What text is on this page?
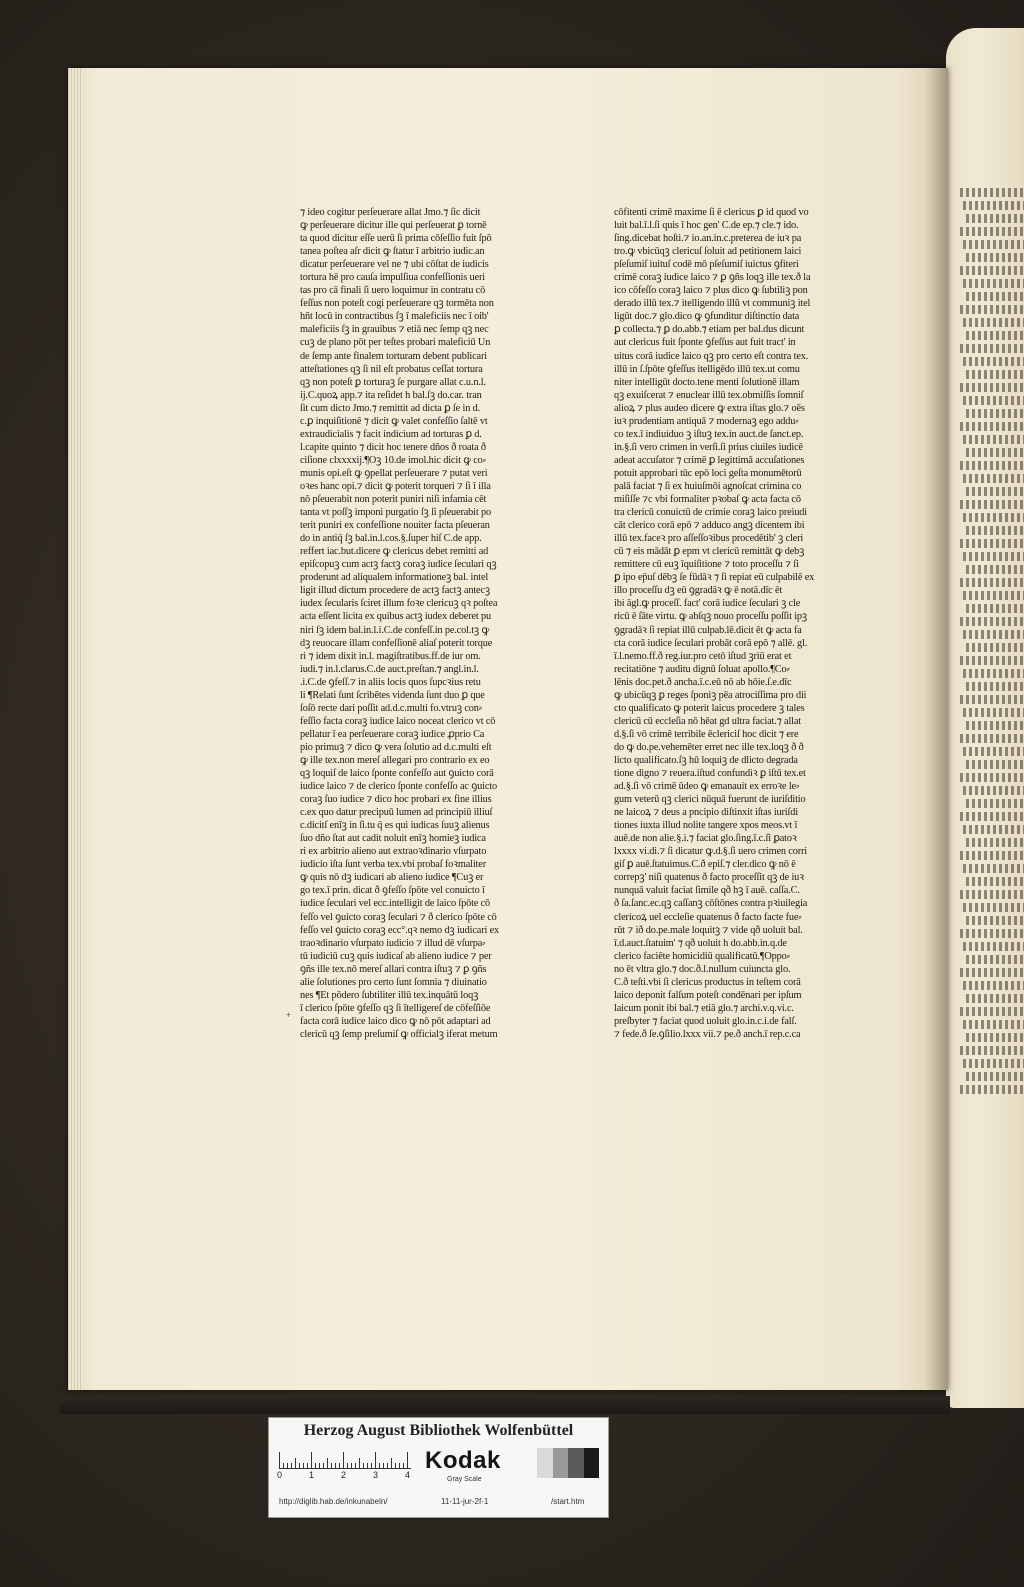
⁊ ideo cogitur perſeuerare allat Jmo.⁊ ſic dicit
ꝙ perſeuerare dicitur ille qui perſeuerat ꝑ tornē
ta quod dicitur eſſe uerū ſi prima cōſeſſio fuit ſpō
tanea poſtea aſr dicit ꝙ ſtatur ī arbitrio iudic.an
dicatur perſeuerare vel ne ⁊ ubi cōſtat de iudicis
tortura hē pro cauſa impulſiua confeſſionis ueri
tas pro cā finali ſi uero loquimur in contratu cō
feſſus non poteſt cogi perſeuerare qꝫ tormēta non
hñt locū in contractibus ſꝫ ī maleficiis nec ī oib'
maleficiis ſꝫ in grauibus ⁊ etiā nec ſemp qꝫ nec
cuꝫ de plano pōt per teſtes probari maleficiū Un
de ſemp ante finalem torturam debent publicari
atteſtationes qꝫ ſi nil eſt probatus ceſſat tortura
qꝫ non poteſt ꝑ torturaꝫ ſe purgare allat c.u.n.l.
ij.C.quoꝝ app.⁊ ita reſidet h bal.ſꝫ do.car. tran
ſit cum dicto Jmo.⁊ remittit ad dicta ꝑ ſe in d.
c.ꝑ inquiſitionē ⁊ dicit ꝙ valet confeſſio ſaltē vt
extraudicialis ⁊ facit indicium ad torturas ꝑ d.
l.capite quinto ⁊ dicit hoc tenere dños ð roata ð
ciſione clxxxxij.¶Oꝫ 10.de imol.hic dicit ꝙ co⸗
munis opi.eſt ꝙ ꝯpellat perſeuerare ⁊ putat veri
oꝛes hanc opi.⁊ dicit ꝙ poterit torqueri ⁊ ſi ī illa
nō pſeuerabit non poterit puniri niſi infamia cēt
tanta vt poſſꝫ imponi purgatio ſꝫ ſi pſeuerabit po
terit puniri ex confeſſione nouiter facta pſeueran
do in antiq̄ ſꝫ bal.in.l.cos.§.ſuper hiſ C.de app.
reffert iac.but.dicere ꝙ clericus debet remitti ad
epiſcopuꝫ cum actꝫ factꝫ coraꝫ iudice ſeculari qꝫ
proderunt ad aliqualem informationeꝫ bal. intel
ligit illud dictum procedere de actꝫ factꝫ antecꝫ
iudex ſecularis ſciret illum foꝛe clericuꝫ qꝛ poſtea
acta eſſent licita ex quibus actꝫ iudex deberet pu
niri ſꝫ idem bal.in.l.i.C.de confeſſ.in pe.col.tꝫ ꝙ
dꝫ reuocare illam confeſſionē aliaſ poterit torque
ri ⁊ idem dixit in.l. magiſtratibus.ff.de iur om.
iudi.⁊ in.l.clarus.C.de auct.preſtan.⁊ angl.in.l.
.i.C.de ꝯfeſſ.⁊ in aliis locis quos ſupcꝛius retu
li ¶Relati ſunt ſcribētes videnda ſunt duo ꝑ que
ſoſō recte dari poſſit ad.d.c.multi fo.vtruꝫ con⸗
feſſio facta coraꝫ iudice laico noceat clerico vt cō
pellatur ī ea perſeuerare coraꝫ iudice ꝓprio Ca
pio primuꝫ ⁊ dico ꝙ vera ſolutio ad d.c.multi eſt
ꝙ ille tex.non mereſ allegari pro contrario ex eo
qꝫ loquiſ de laico ſponte confeſſo aut ꝯuicto corā
iudice laico ⁊ de clerico ſponte confeſſo ac ꝯuicto
coraꝫ ſuo iudice ⁊ dico hoc probari ex fine illius
c.ex quo datur precipuū lumen ad principiū illiuſ
c.dicitſ enīꝫ in ſi.tu q̄ es qui iudicas ſuuꝫ alienus
ſuo dño ſtat aut cadit noluit enīꝫ homieꝫ iudica
ri ex arbitrio alieno aut extraoꝛdinario vſurpato
iudicio iſta ſunt verba tex.vbi probaſ foꝛmaliter
ꝙ quis nō dꝫ iudicari ab alieno iudice ¶Cuꝫ er
go tex.ī prin. dicat ð ꝯfeſſo ſpōte vel conuicto ī
iudice ſeculari vel ecc.intelligit de laico ſpōte cō
feſſo vel ꝯuicto coraꝫ ſeculari ⁊ ð clerico ſpōte cō
feſſo vel ꝯuicto coraꝫ ecc°.qꝛ nemo dꝫ iudicari ex
traoꝛdinario vſurpato iudicio ⁊ illud dē vſurpa⸗
tū iudiciū cuꝫ quis iudicaſ ab alieno iudice ⁊ per
ꝯñs ille tex.nō mereſ allari contra iſtuꝫ ⁊ ꝑ ꝯñs
alie ſolutiones pro certo ſunt ſomnia ⁊ diuinatio
nes ¶Et pōdero ſubtiliter illū tex.inquātū loqꝫ
ī clerico ſpōte ꝯfeſſo qꝫ ſi ītelligereſ de cōfeſſiōe
facta corā iudice laico dico ꝙ nō pōt adaptari ad
clericū qꝫ ſemp preſumiſ ꝙ officialꝫ iferat metum
cōfitenti crimē maxime ſi ē clericus ꝑ id quod vo
luit bal.ī.l.ſi quis ī hoc gen' C.de ep.⁊ cle.⁊ ido.
ſing.dicebat hoſti.⁊ io.an.in.c.preterea de iuꝛ pa
tro.ꝙ vbicūqꝫ clericuſ ſoluit ad petitionem laici
pſeſumiſ iuituſ codē mō pſeſumiſ iuictus ꝯfiteri
crimē coraꝫ iudice laico ⁊ ꝑ ꝯñs loqꝫ ille tex.ð la
ico cōfeſſo coraꝫ laico ⁊ plus dico ꝙ ſubtiliꝫ pon
derado illū tex.⁊ itelligendo illū vt communiꝫ itel
ligūt doc.⁊ glo.dico ꝙ ꝯfunditur diſtinctio data
ꝑ collecta.⁊ ꝑ do.abb.⁊ etiam per bal.dus dicunt
aut clericus fuit ſponte ꝯfeſſus aut fuit tract' in
uitus corā iudice laico qꝫ pro certo eſt contra tex.
illū in ſ.ſpōte ꝯfeſſus itelligēdo illū tex.ut comu
niter intelligūt docto.tene menti ſolutionē illam
qꝫ exuiſcerat ⁊ enuclear illū tex.obmiſſis ſomniſ
alioꝝ ⁊ plus audeo dicere ꝙ extra iſtas glo.⁊ oēs
iuꝛ prudentiam antiquā ⁊ modernaꝫ ego addu⸗
co tex.ī indiuiduo ꝫ iſtuꝫ tex.in auct.de ſanct.ep.
in.§.ſi vero crimen in verſi.ſi prius ciuiles iudicē
adeat accuſator ⁊ crimē ꝑ legittimā accuſationes
potuit approbari tūc epō loci geſta monumētorū
palā faciat ⁊ ſi ex huiuſmōi agnoſcat crimina co
miſiſſe ⁊c vbi formaliter pꝛobaſ ꝙ acta facta cō
tra clericū conuictū de crimie coraꝫ laico preiudi
cāt clerico corā epō ⁊ adduco angꝫ dicentem ibi
illū tex.faceꝛ pro aſſeſſoꝛibus procedētib' ꝫ cleri
cū ⁊ eis mādāt ꝑ epm vt clericū remittāt ꝙ debꝫ
remittere cū euꝫ īquiſitione ⁊ toto proceſſu ⁊ ſi
ꝑ ipo ep̄uſ dēbꝫ ſe fūdāꝛ ⁊ ſi repiat eū culpabilē ex
illo proceſſu dꝫ eū ꝯgradāꝛ ꝙ ē notā.dīc ēt
ibi āgl.ꝙ proceſſ. fact' corā iudice ſeculari ꝫ cle
ricū ē ſāte virtu. ꝙ abſqꝫ nouo proceſſu poſſit ipꝫ
ꝯgradāꝛ ſi repiat illū culpab.lē.dicit ēt ꝙ acta fa
cta corā iudice ſeculari probāt corā epō ⁊ allē. gl.
ī.l.nemo.ff.ð reg.iur.pro cetō iſtud ꝫriū erat et
recitatiōne ⁊ auditu dignū ſoluat apollo.¶Co⸗
lēnis doc.pet.ð ancha.ī.c.eū nō ab hōie.ſ.e.dīc
ꝙ ubicūqꝫ ꝑ reges ſponiꝫ pēa atrociſſima pro dii
cto qualificato ꝙ poterit laicus procedere ꝫ tales
clericū cū eccleſia nō hēat gd ultra faciat.⁊ allat
d.§.ſi vō crimē terribile ēclericiſ hoc dicit ⁊ ere
do ꝙ do.pe.vehemēter erret nec ille tex.loqꝫ ð ð
licto qualificato.ſꝫ hū loquiꝫ de dlicto degrada
tione digno ⁊ reuera.iſtud confundiꝛ ꝑ iſtū tex.et
ad.§.ſi vō crimē ūdeo ꝙ emanauit ex erroꝛe le⸗
gum veterū qꝫ clerici nūquā fuerunt de iuriſditio
ne laicoꝝ ⁊ deus a pncipio diſtinxit iſtas iuriſdi
tiones iuxta illud nolite tangere xpos meos.vt ī
auē.de non alie.§.i.⁊ faciat glo.ſing.ī.c.ſi ꝑatoꝛ
lxxxx vi.di.⁊ ſi dicatur ꝙ.d.§.ſi uero crimen corri
giſ ꝑ auē.ſtatuimus.C.ð epiſ.⁊ cler.dico ꝙ nō ē
correpꝫ' niſi quatenus ð facto proceſſit qꝫ de iuꝛ
nunquā valuit faciat ſimile qð hꝫ ī auē. caſſa.C.
ð ſa.ſanc.ec.qꝫ caſſanꝫ cōſtōnes contra pꝛiuilegia
clericoꝝ uel eccleſie quatenus ð facto facte fue⸗
rūt ⁊ ið do.pe.male loquitꝫ ⁊ vide qð uoluit bal.
ī.d.auct.ſtatuim' ⁊ qð uoluit h do.abb.in.q.de
clerico faciēte homicidiū qualificatū.¶Oppo⸗
no ēt vltra glo.⁊ doc.ð.l.nullum cuiuncta glo.
C.ð teſti.vbi ſi clericus productus in teſtem corā
laico deponit falſum poteſt condēnari per ipſum
laicum ponit ibi bal.⁊ etiā glo.⁊ archi.v.q.vi.c.
preſbyter ⁊ faciat quod uoluit glo.in.c.i.de falſ.
⁊ fede.ð ſe.ꝯſilio.lxxx vii.⁊ pe.ð anch.ī rep.c.ca
+
Herzog August Bibliothek Wolfenbüttel
0	1	2	3	4
Kodak
Gray Scale
http://diglib.hab.de/inkunabeln/	11-11-jur-2f-1	/start.htm
